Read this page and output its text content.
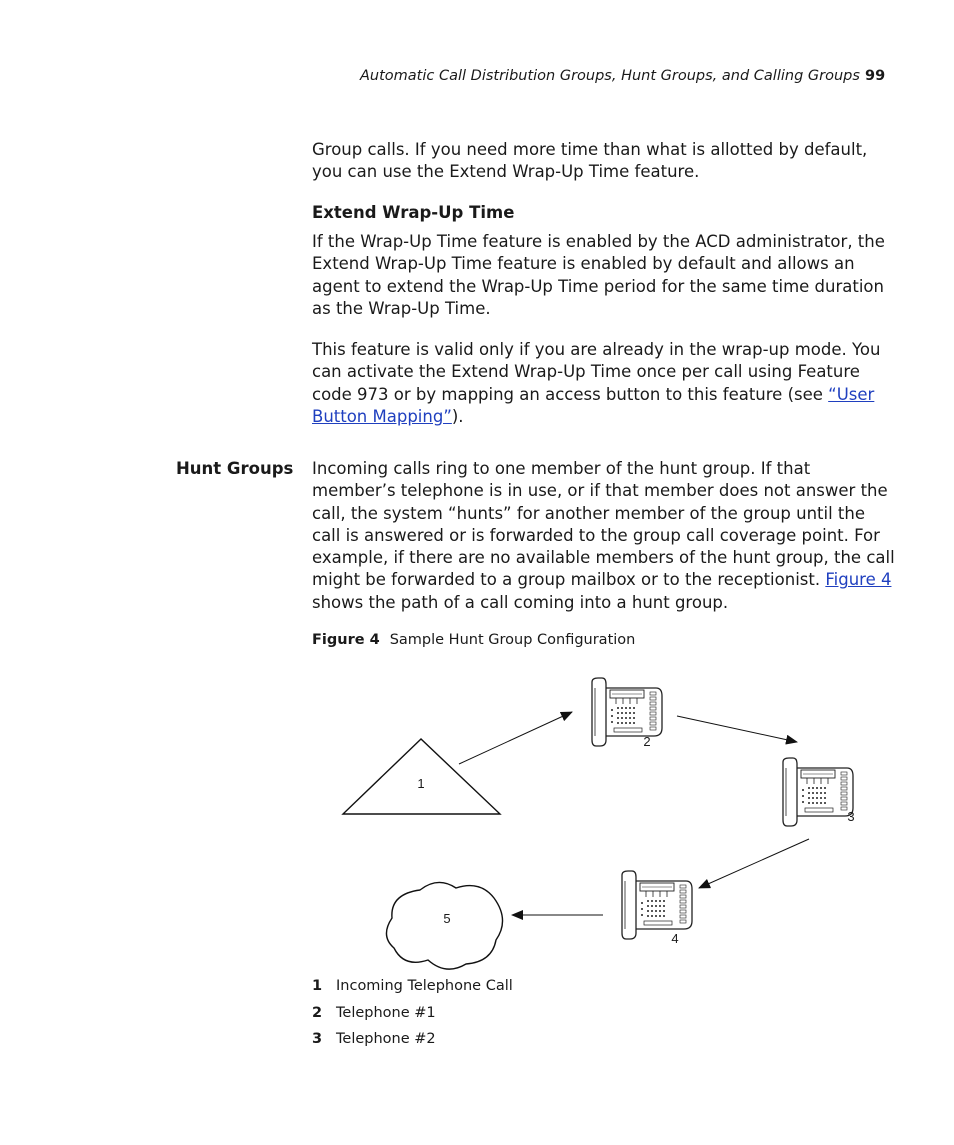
Automatic Call Distribution Groups, Hunt Groups, and Calling Groups 99

Group calls. If you need more time than what is allotted by default, you can use the Extend Wrap-Up Time feature.

Extend Wrap-Up Time

If the Wrap-Up Time feature is enabled by the ACD administrator, the Extend Wrap-Up Time feature is enabled by default and allows an agent to extend the Wrap-Up Time period for the same time duration as the Wrap-Up Time.

This feature is valid only if you are already in the wrap-up mode. You can activate the Extend Wrap-Up Time once per call using Feature code 973 or by mapping an access button to this feature (see “User Button Mapping”).

Hunt Groups Incoming calls ring to one member of the hunt group. If that member’s telephone is in use, or if that member does not answer the call, the system “hunts” for another member of the group until the call is answered or is forwarded to the group call coverage point. For example, if there are no available members of the hunt group, the call might be forwarded to a group mailbox or to the receptionist. Figure 4 shows the path of a call coming into a hunt group.

Figure 4 Sample Hunt Group Configuration
1
2
3
4
5
1 Incoming Telephone Call
2 Telephone #1
3 Telephone #2
